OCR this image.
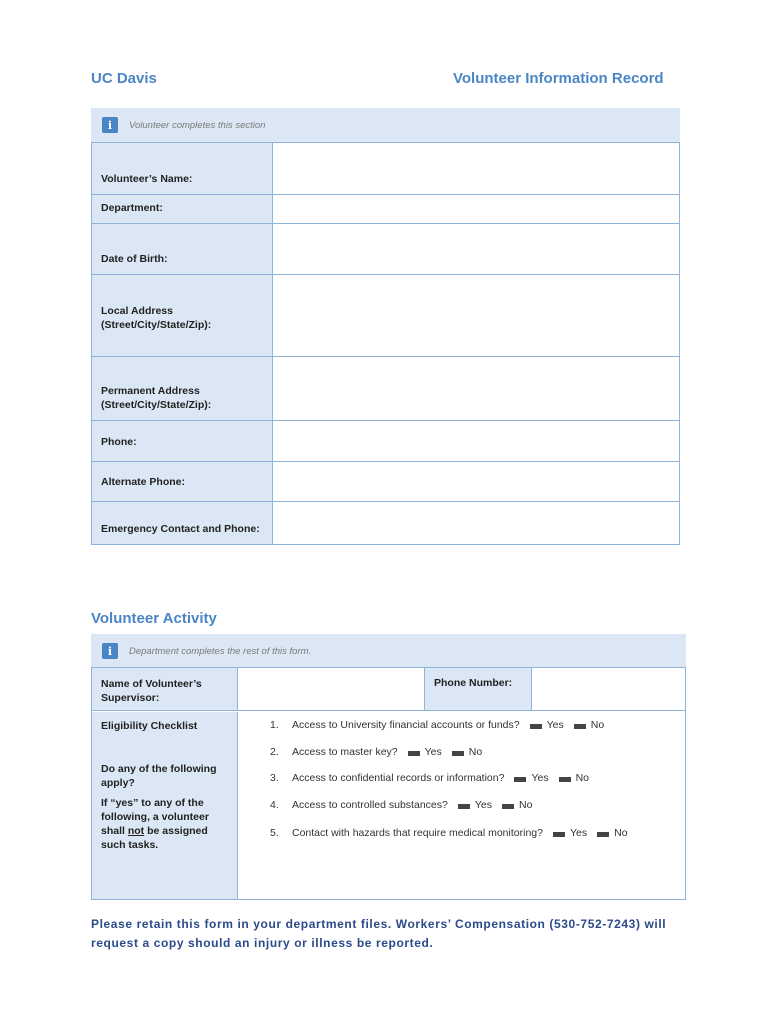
UC Davis	Volunteer Information Record
i	Volunteer completes this section
Volunteer’s Name:
Department:
Date of Birth:
Local Address (Street/City/State/Zip):
Permanent Address (Street/City/State/Zip):
Phone:
Alternate Phone:
Emergency Contact and Phone:
Volunteer Activity
i	Department completes the rest of this form.
Name of Volunteer’s Supervisor:
Phone Number:
Eligibility Checklist
Do any of the following apply?
If “yes” to any of the following, a volunteer shall not be assigned such tasks.
1.	Access to University financial accounts or funds?	Yes	No
2.	Access to master key?	Yes	No
3.	Access to confidential records or information?	Yes	No
4.	Access to controlled substances?	Yes	No
5.	Contact with hazards that require medical monitoring?	Yes	No
Please retain this form in your department files. Workers’ Compensation (530-752-7243) will request a copy should an injury or illness be reported.
